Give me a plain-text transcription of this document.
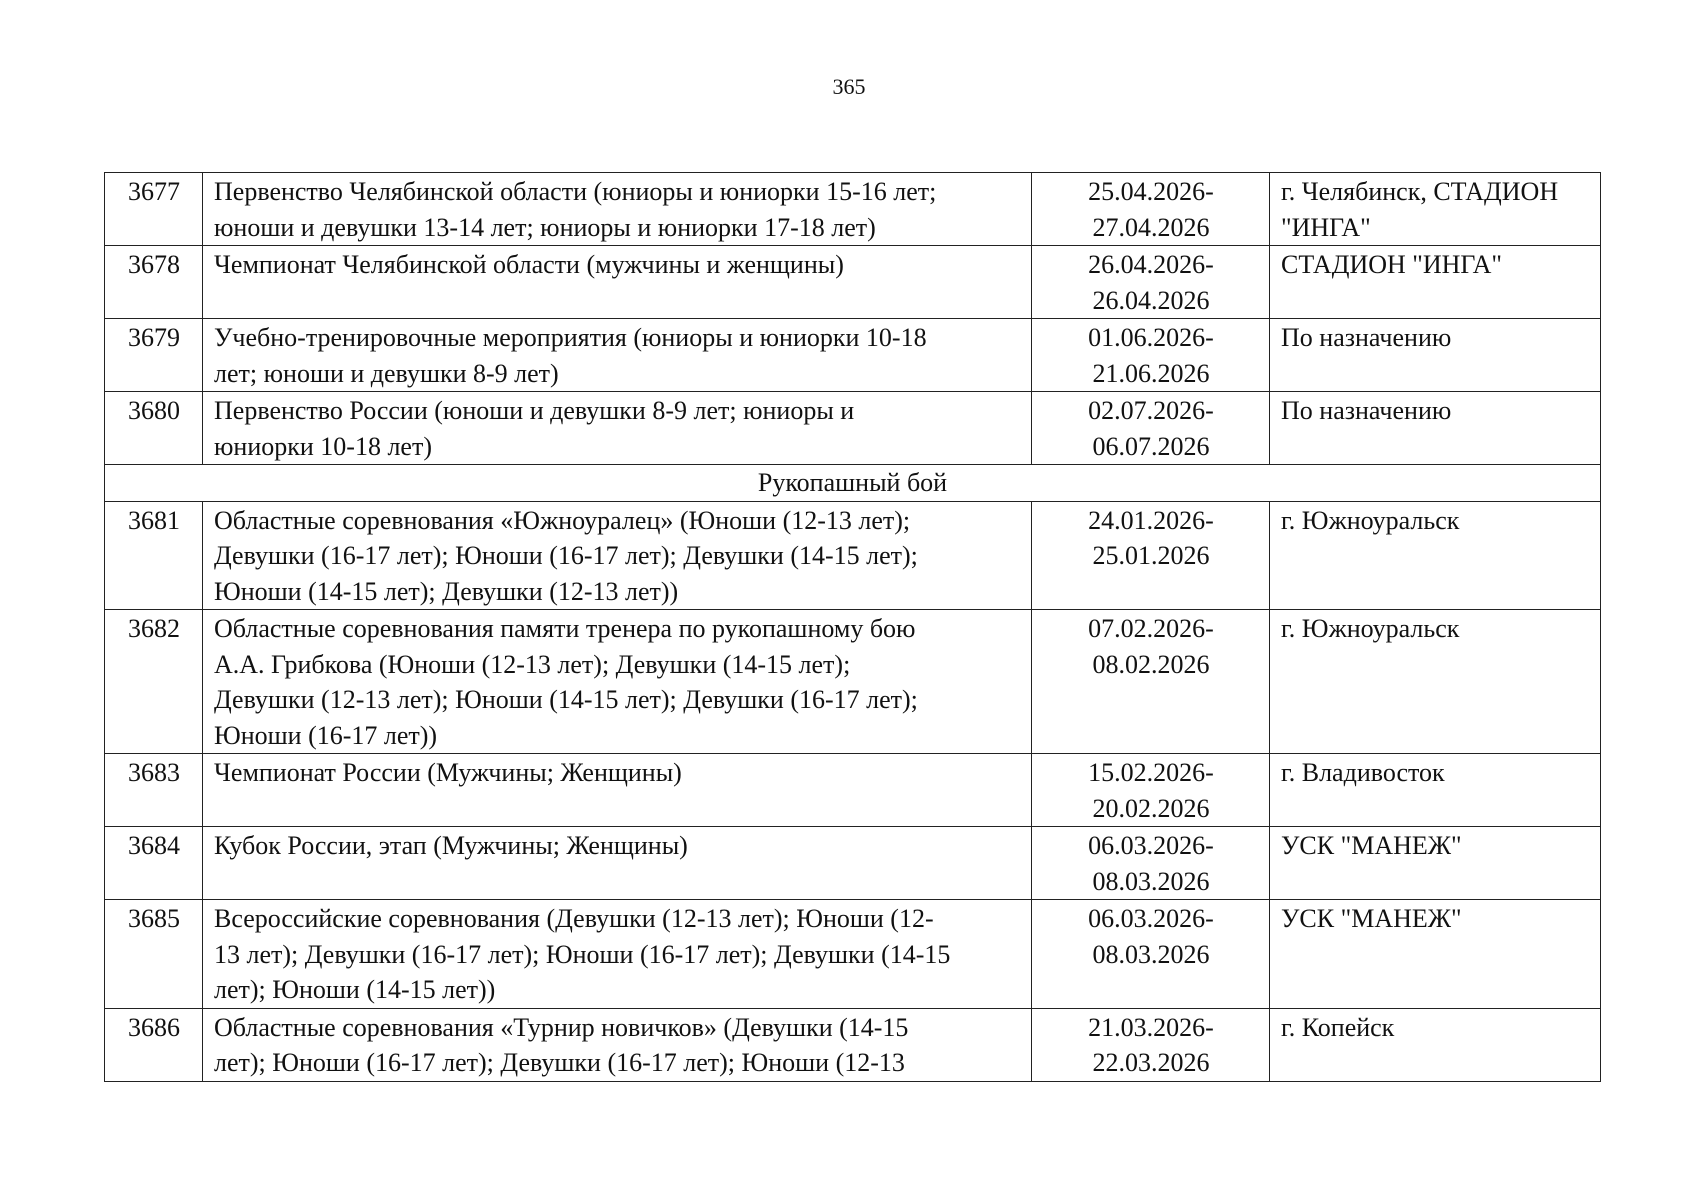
365
3677	Первенство Челябинской области (юниоры и юниорки 15-16 лет;
юноши и девушки 13-14 лет; юниоры и юниорки 17-18 лет)	25.04.2026-
27.04.2026	г. Челябинск, СТАДИОН
"ИНГА"

3678	Чемпионат Челябинской области (мужчины и женщины)	26.04.2026-
26.04.2026	СТАДИОН "ИНГА"

3679	Учебно-тренировочные мероприятия (юниоры и юниорки 10-18
лет; юноши и девушки 8-9 лет)	01.06.2026-
21.06.2026	По назначению

3680	Первенство России (юноши и девушки 8-9 лет; юниоры и
юниорки 10-18 лет)	02.07.2026-
06.07.2026	По назначению

Рукопашный бой			
3681	Областные соревнования «Южноуралец» (Юноши (12-13 лет);
Девушки (16-17 лет); Юноши (16-17 лет); Девушки (14-15 лет);
Юноши (14-15 лет); Девушки (12-13 лет))	24.01.2026-
25.01.2026	г. Южноуральск

3682	Областные соревнования памяти тренера по рукопашному бою
А.А. Грибкова (Юноши (12-13 лет); Девушки (14-15 лет);
Девушки (12-13 лет); Юноши (14-15 лет); Девушки (16-17 лет);
Юноши (16-17 лет))	07.02.2026-
08.02.2026	г. Южноуральск

3683	Чемпионат России (Мужчины; Женщины)	15.02.2026-
20.02.2026	г. Владивосток

3684	Кубок России, этап (Мужчины; Женщины)	06.03.2026-
08.03.2026	УСК "МАНЕЖ"

3685	Всероссийские соревнования (Девушки (12-13 лет); Юноши (12-
13 лет); Девушки (16-17 лет); Юноши (16-17 лет); Девушки (14-15
лет); Юноши (14-15 лет))	06.03.2026-
08.03.2026	УСК "МАНЕЖ"

3686	Областные соревнования «Турнир новичков» (Девушки (14-15
лет); Юноши (16-17 лет); Девушки (16-17 лет); Юноши (12-13	21.03.2026-
22.03.2026	г. Копейск
